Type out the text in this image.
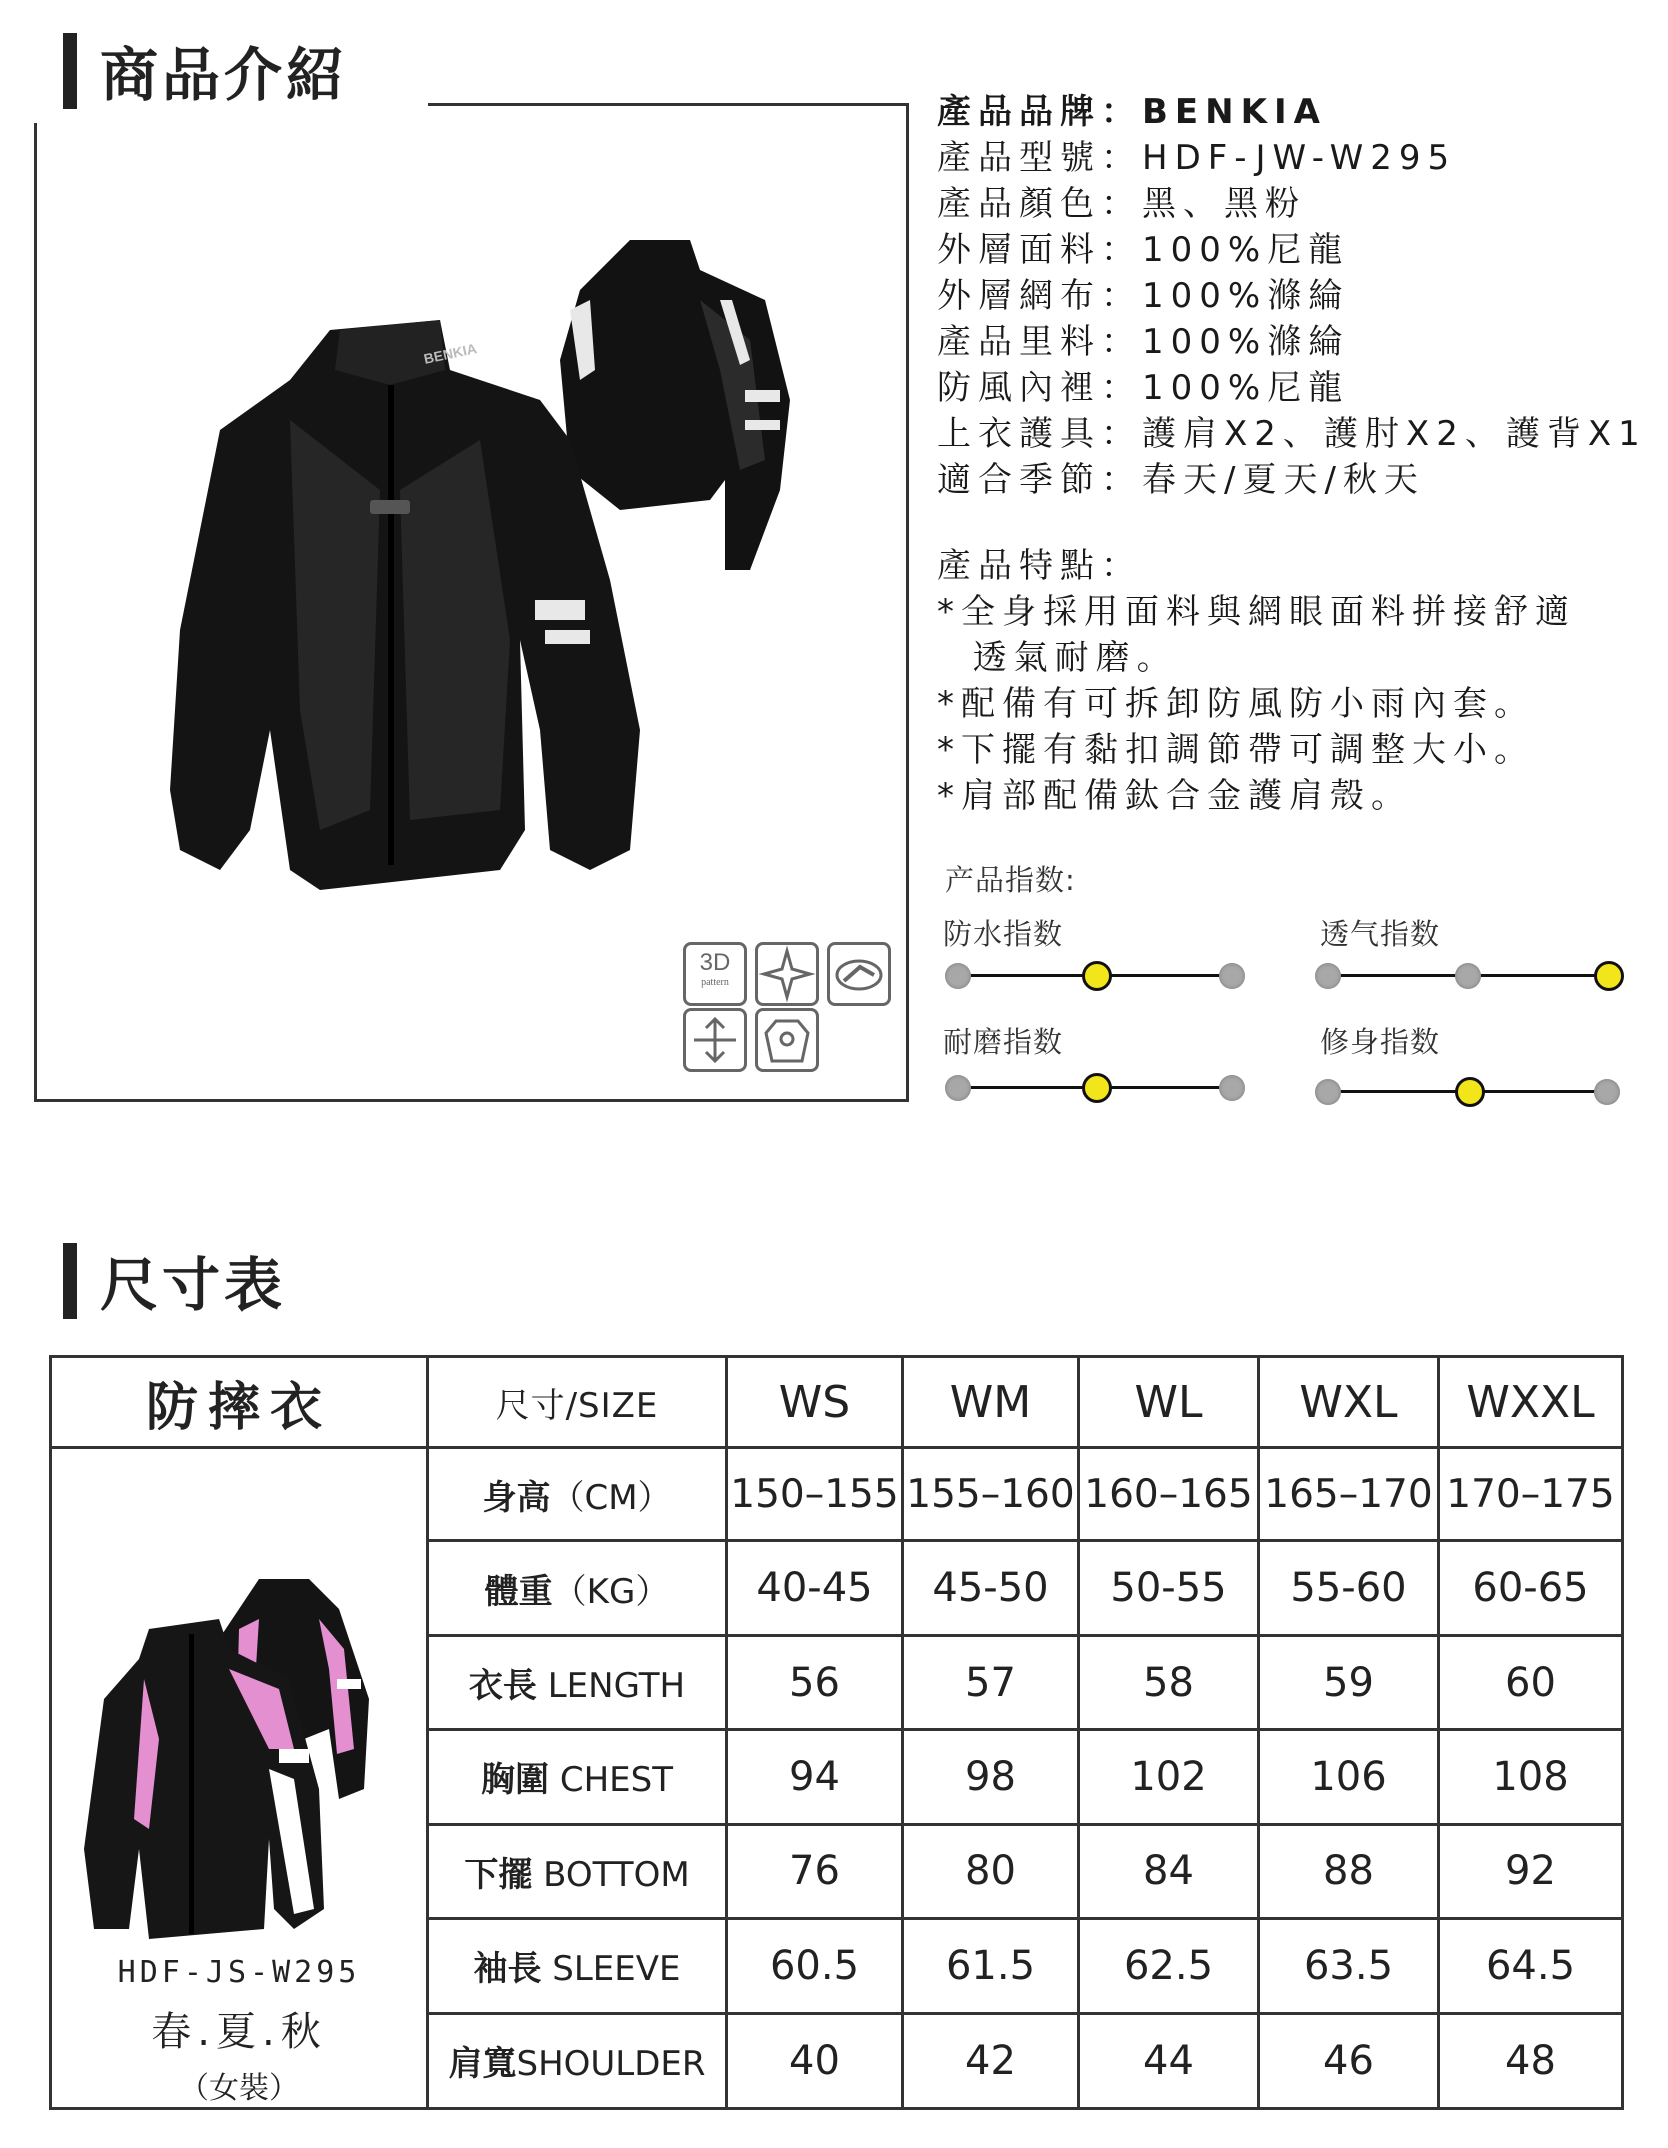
商品介紹
BENKIA
3D
pattern
產品品牌：BENKIA
產品型號：HDF-JW-W295
產品顏色：黑、黑粉
外層面料：100%尼龍
外層網布：100%滌綸
產品里料：100%滌綸
防風內裡：100%尼龍
上衣護具：護肩X2、護肘X2、護背X1
適合季節：春天/夏天/秋天
產品特點：
*全身採用面料與網眼面料拼接舒適
透氣耐磨。
*配備有可拆卸防風防小雨內套。
*下擺有黏扣調節帶可調整大小。
*肩部配備鈦合金護肩殼。
产品指数:
防水指数	透气指数
耐磨指数	修身指数
尺寸表
防摔衣	尺寸/SIZE	WS	WM	WL	WXL	WXXL

HDF-JS-W295
春.夏.秋
（女裝）	身高（CM）	150–155	155–160	160–165	165–170	170–175
	體重（KG）	40-45	45-50	50-55	55-60	60-65
	衣長 LENGTH	56	57	58	59	60
	胸圍 CHEST	94	98	102	106	108
	下擺 BOTTOM	76	80	84	88	92
	袖長 SLEEVE	60.5	61.5	62.5	63.5	64.5
	肩寬SHOULDER	40	42	44	46	48
